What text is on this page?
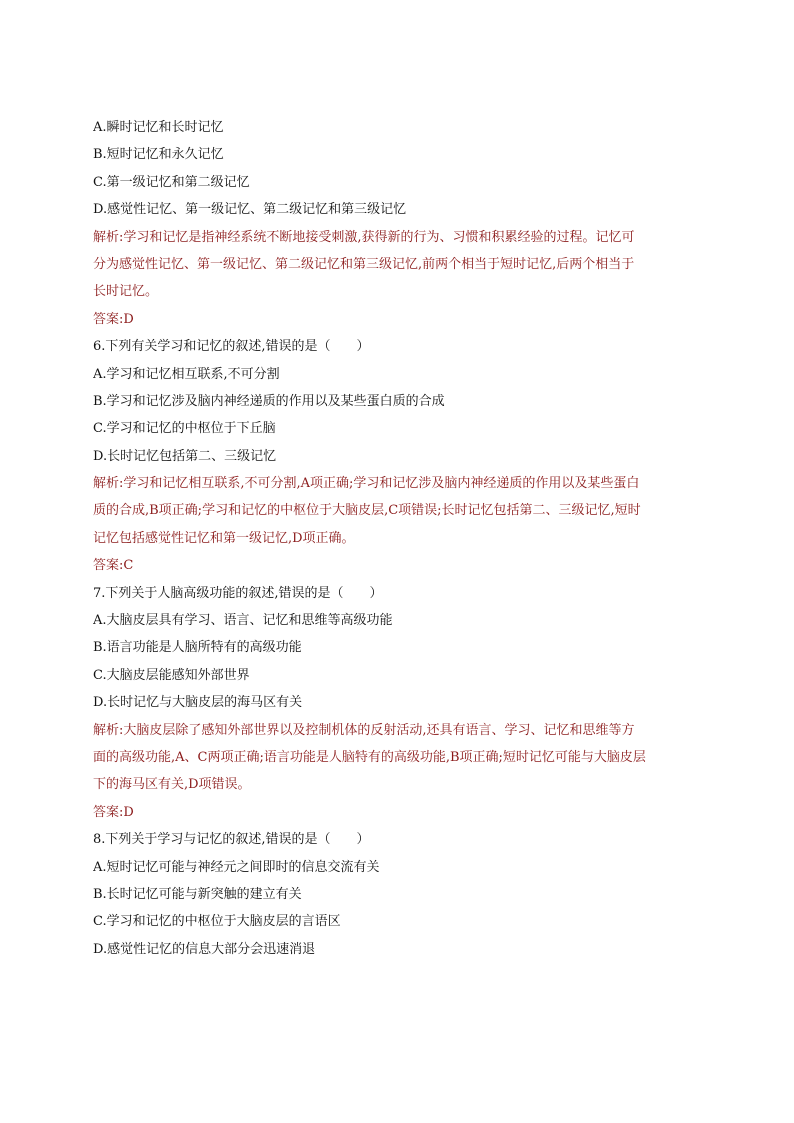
A.瞬时记忆和长时记忆
B.短时记忆和永久记忆
C.第一级记忆和第二级记忆
D.感觉性记忆、第一级记忆、第二级记忆和第三级记忆
解析:学习和记忆是指神经系统不断地接受刺激,获得新的行为、习惯和积累经验的过程。记忆可
分为感觉性记忆、第一级记忆、第二级记忆和第三级记忆,前两个相当于短时记忆,后两个相当于
长时记忆。
答案:D
6.下列有关学习和记忆的叙述,错误的是（　　）
A.学习和记忆相互联系,不可分割
B.学习和记忆涉及脑内神经递质的作用以及某些蛋白质的合成
C.学习和记忆的中枢位于下丘脑
D.长时记忆包括第二、三级记忆
解析:学习和记忆相互联系,不可分割,A项正确;学习和记忆涉及脑内神经递质的作用以及某些蛋白
质的合成,B项正确;学习和记忆的中枢位于大脑皮层,C项错误;长时记忆包括第二、三级记忆,短时
记忆包括感觉性记忆和第一级记忆,D项正确。
答案:C
7.下列关于人脑高级功能的叙述,错误的是（　　）
A.大脑皮层具有学习、语言、记忆和思维等高级功能
B.语言功能是人脑所特有的高级功能
C.大脑皮层能感知外部世界
D.长时记忆与大脑皮层的海马区有关
解析:大脑皮层除了感知外部世界以及控制机体的反射活动,还具有语言、学习、记忆和思维等方
面的高级功能,A、C两项正确;语言功能是人脑特有的高级功能,B项正确;短时记忆可能与大脑皮层
下的海马区有关,D项错误。
答案:D
8.下列关于学习与记忆的叙述,错误的是（　　）
A.短时记忆可能与神经元之间即时的信息交流有关
B.长时记忆可能与新突触的建立有关
C.学习和记忆的中枢位于大脑皮层的言语区
D.感觉性记忆的信息大部分会迅速消退
